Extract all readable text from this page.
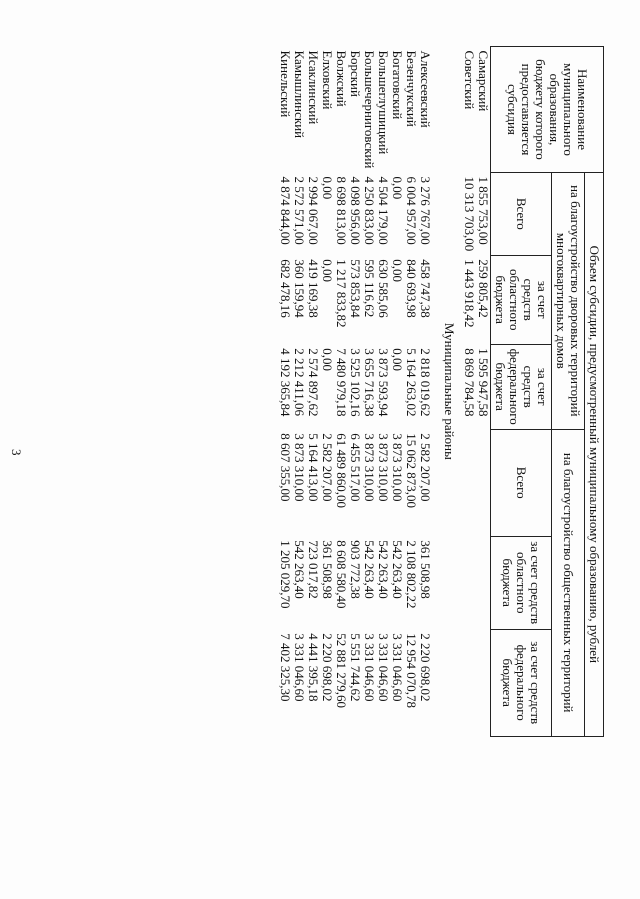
3
Наименование муниципального образования, бюджету которого предоставляется субсидия	Объем субсидии, предусмотренный муниципальному образованию, рублей					
	на благоустройство дворовых территорий многоквартирных домов			на благоустройство общественных территорий		
	Всего	за счет средств областного бюджета	за счет средств федерального бюджета	Всего	за счет средств областного бюджета	за счет средств федерального бюджета
Самарский	1 855 753,00	259 805,42	1 595 947,58			
Советский	10 313 703,00	1 443 918,42	8 869 784,58			
Муниципальные районы						
Алексеевский	3 276 767,00	458 747,38	2 818 019,62	2 582 207,00	361 508,98	2 220 698,02
Безенчукский	6 004 957,00	840 693,98	5 164 263,02	15 062 873,00	2 108 802,22	12 954 070,78
Богатовский	0,00	0,00	0,00	3 873 310,00	542 263,40	3 331 046,60
Большеглушицкий	4 504 179,00	630 585,06	3 873 593,94	3 873 310,00	542 263,40	3 331 046,60
Большечерниговский	4 250 833,00	595 116,62	3 655 716,38	3 873 310,00	542 263,40	3 331 046,60
Борский	4 098 956,00	573 853,84	3 525 102,16	6 455 517,00	903 772,38	5 551 744,62
Волжский	8 698 813,00	1 217 833,82	7 480 979,18	61 489 860,00	8 608 580,40	52 881 279,60
Елховский	0,00	0,00	0,00	2 582 207,00	361 508,98	2 220 698,02
Исаклинский	2 994 067,00	419 169,38	2 574 897,62	5 164 413,00	723 017,82	4 441 395,18
Камышлинский	2 572 571,00	360 159,94	2 212 411,06	3 873 310,00	542 263,40	3 331 046,60
Кинельский	4 874 844,00	682 478,16	4 192 365,84	8 607 355,00	1 205 029,70	7 402 325,30
